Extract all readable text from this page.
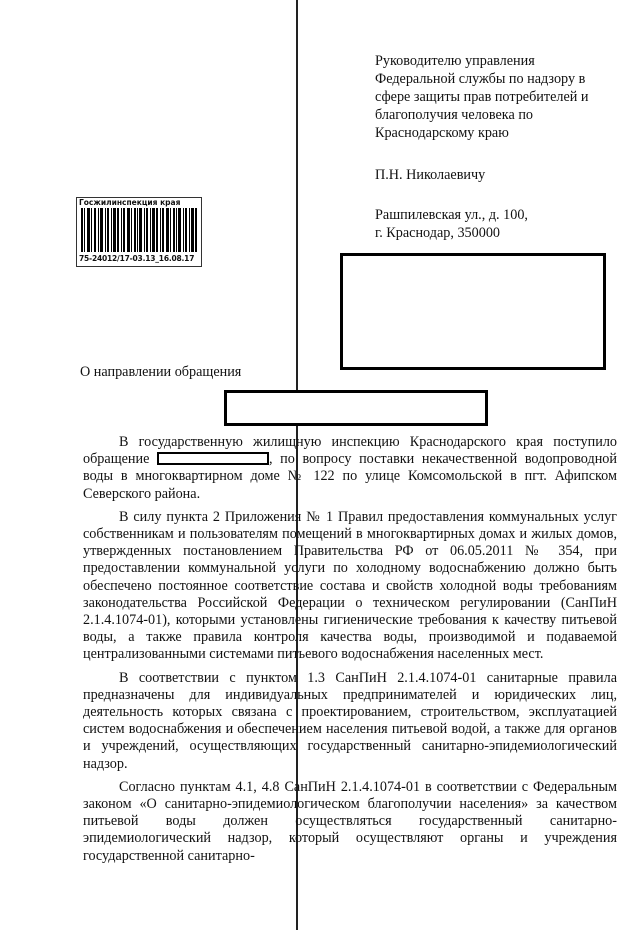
Руководителю управления
Федеральной службы по надзору в
сфере защиты прав потребителей и
благополучия человека по
Краснодарскому краю
П.Н. Николаевичу
Рашпилевская ул., д. 100,
г. Краснодар, 350000
Госжилинспекция края
75-24012/17-03.13_16.08.17
О направлении обращения

В государственную жилищную инспекцию Краснодарского края поступило обращение	, по вопросу поставки некачественной водопроводной воды в многоквартирном доме № 122 по улице Комсомольской в пгт. Афипском Северского района.

В силу пункта 2 Приложения № 1 Правил предоставления коммунальных услуг собственникам и пользователям помещений в многоквартирных домах и жилых домов, утвержденных постановлением Правительства РФ от 06.05.2011 № 354, при предоставлении коммунальной услуги по холодному водоснабжению должно быть обеспечено постоянное соответствие состава и свойств холодной воды требованиям законодательства Российской Федерации о техническом регулировании (СанПиН 2.1.4.1074-01), которыми установлены гигиенические требования к качеству питьевой воды, а также правила контроля качества воды, производимой и подаваемой централизованными системами питьевого водоснабжения населенных мест.

В соответствии с пунктом 1.3 СанПиН 2.1.4.1074-01 санитарные правила предназначены для индивидуальных предпринимателей и юридических лиц, деятельность которых связана с проектированием, строительством, эксплуатацией систем водоснабжения и обеспечением населения питьевой водой, а также для органов и учреждений, осуществляющих государственный санитарно-эпидемиологический надзор.

Согласно пунктам 4.1, 4.8 СанПиН 2.1.4.1074-01 в соответствии с Федеральным законом «О санитарно-эпидемиологическом благополучии населения» за качеством питьевой воды должен осуществляться государственный санитарно-эпидемиологический надзор, который осуществляют органы и учреждения государственной санитарно-
